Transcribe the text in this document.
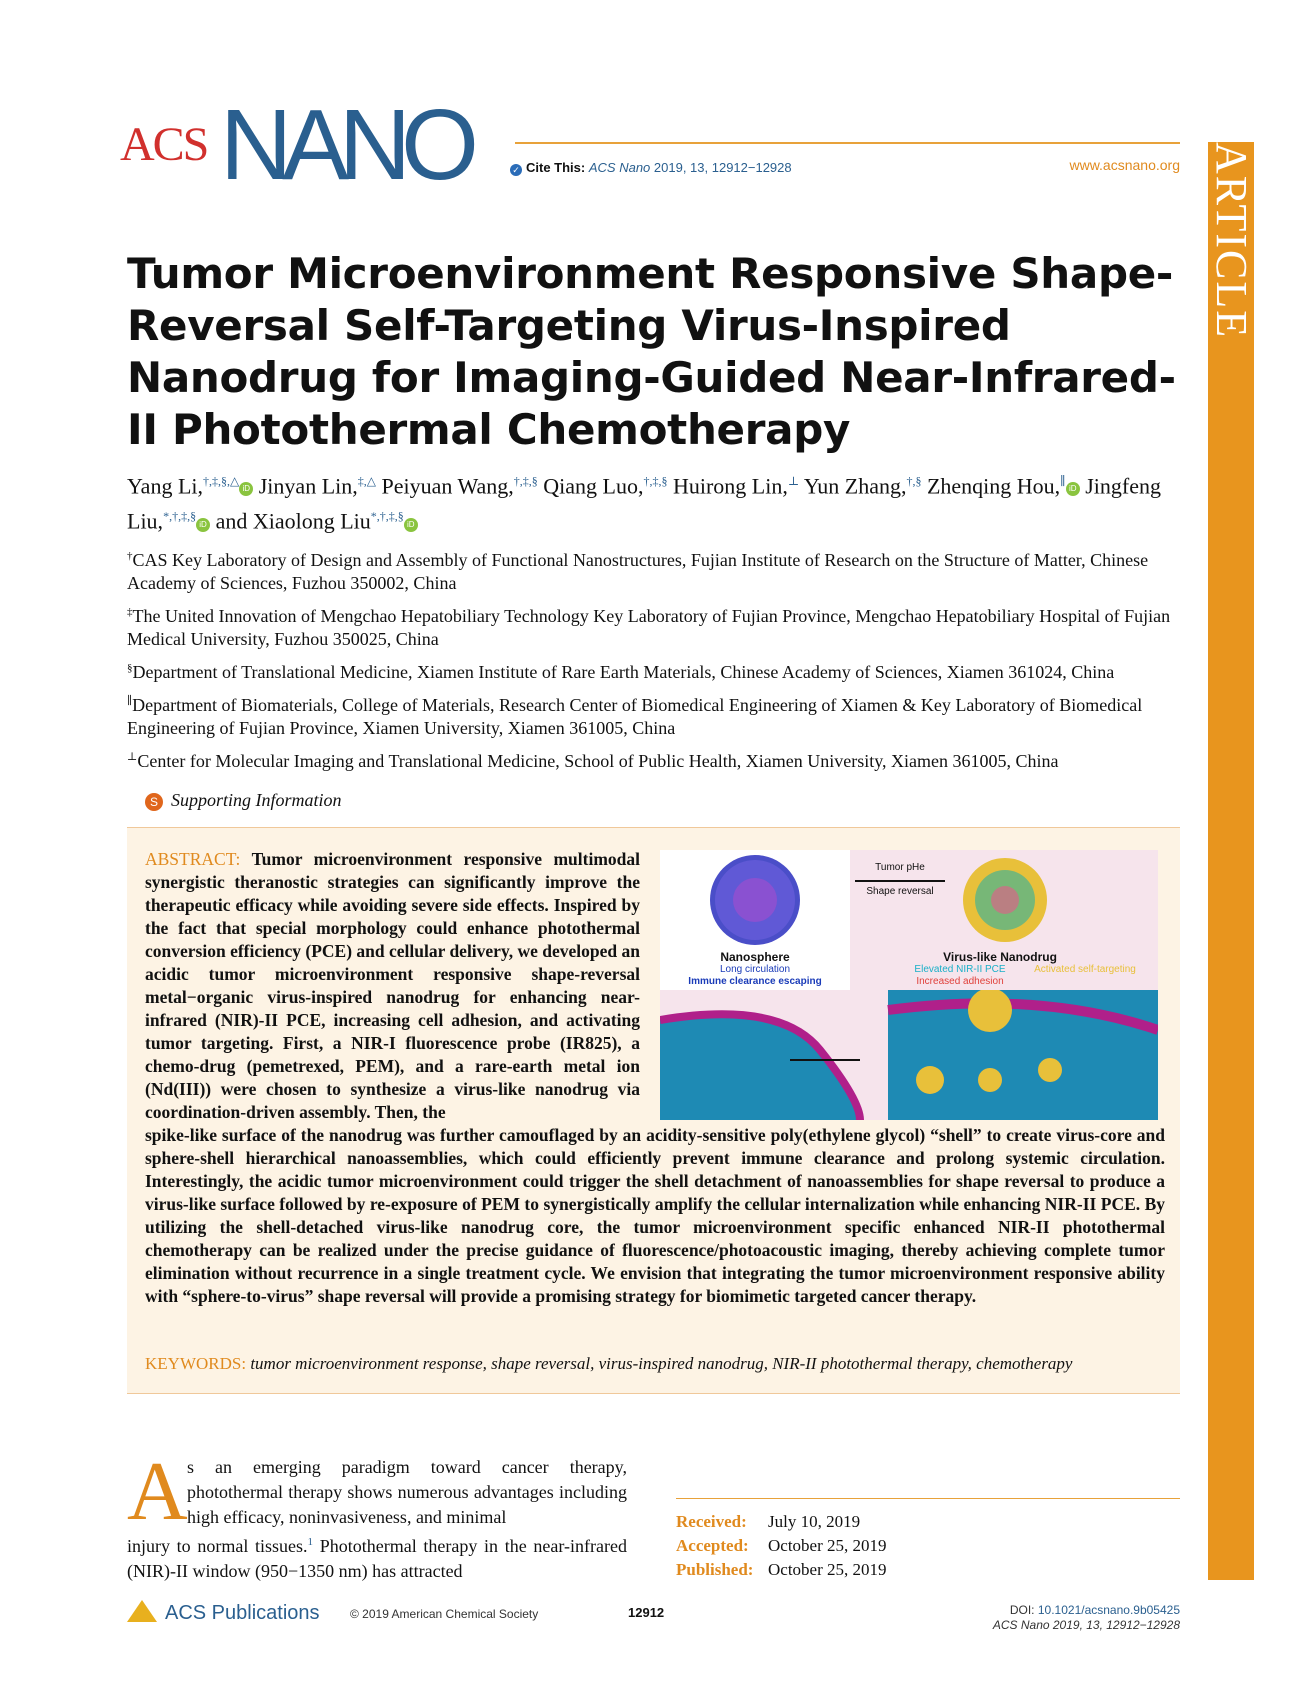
ACS NANO	✓ Cite This: ACS Nano 2019, 13, 12912−12928	www.acsnano.org ARTICLE
Tumor Microenvironment Responsive Shape-Reversal Self-Targeting Virus-Inspired Nanodrug for Imaging-Guided Near-Infrared-II Photothermal Chemotherapy
Yang Li,†,‡,§,△iD Jinyan Lin,‡,△ Peiyuan Wang,†,‡,§ Qiang Luo,†,‡,§ Huirong Lin,⊥ Yun Zhang,†,§ Zhenqing Hou,∥iD Jingfeng Liu,*,†,‡,§iD and Xiaolong Liu*,†,‡,§iD
†CAS Key Laboratory of Design and Assembly of Functional Nanostructures, Fujian Institute of Research on the Structure of Matter, Chinese Academy of Sciences, Fuzhou 350002, China
‡The United Innovation of Mengchao Hepatobiliary Technology Key Laboratory of Fujian Province, Mengchao Hepatobiliary Hospital of Fujian Medical University, Fuzhou 350025, China
§Department of Translational Medicine, Xiamen Institute of Rare Earth Materials, Chinese Academy of Sciences, Xiamen 361024, China
∥Department of Biomaterials, College of Materials, Research Center of Biomedical Engineering of Xiamen & Key Laboratory of Biomedical Engineering of Fujian Province, Xiamen University, Xiamen 361005, China
⊥Center for Molecular Imaging and Translational Medicine, School of Public Health, Xiamen University, Xiamen 361005, China
S Supporting Information
ABSTRACT: Tumor microenvironment responsive multimodal synergistic theranostic strategies can significantly improve the therapeutic efficacy while avoiding severe side effects. Inspired by the fact that special morphology could enhance photothermal conversion efficiency (PCE) and cellular delivery, we developed an acidic tumor microenvironment responsive shape-reversal metal−organic virus-inspired nanodrug for enhancing near-infrared (NIR)-II PCE, increasing cell adhesion, and activating tumor targeting. First, a NIR-I fluorescence probe (IR825), a chemo-drug (pemetrexed, PEM), and a rare-earth metal ion (Nd(III)) were chosen to synthesize a virus-like nanodrug via coordination-driven assembly. Then, the
spike-like surface of the nanodrug was further camouflaged by an acidity-sensitive poly(ethylene glycol) “shell” to create virus-core and sphere-shell hierarchical nanoassemblies, which could efficiently prevent immune clearance and prolong systemic circulation. Interestingly, the acidic tumor microenvironment could trigger the shell detachment of nanoassemblies for shape reversal to produce a virus-like surface followed by re-exposure of PEM to synergistically amplify the cellular internalization while enhancing NIR-II PCE. By utilizing the shell-detached virus-like nanodrug core, the tumor microenvironment specific enhanced NIR-II photothermal chemotherapy can be realized under the precise guidance of fluorescence/photoacoustic imaging, thereby achieving complete tumor elimination without recurrence in a single treatment cycle. We envision that integrating the tumor microenvironment responsive ability with “sphere-to-virus” shape reversal will provide a promising strategy for biomimetic targeted cancer therapy.
KEYWORDS: tumor microenvironment response, shape reversal, virus-inspired nanodrug, NIR-II photothermal therapy, chemotherapy
Nanosphere
Long circulation
Immune clearance escaping
Tumor pHe
Shape reversal
Virus-like Nanodrug
Elevated NIR-II PCE	Activated self-targeting
Increased adhesion
A s an emerging paradigm toward cancer therapy, photothermal therapy shows numerous advantages including high efficacy, noninvasiveness, and minimal
injury to normal tissues.$^1$ Photothermal therapy in the near-infrared (NIR)-II window (950−1350 nm) has attracted
Received: July 10, 2019
Accepted: October 25, 2019
Published: October 25, 2019
ACS Publications	© 2019 American Chemical Society	12912	DOI: 10.1021/acsnano.9b05425
ACS Nano 2019, 13, 12912−12928
